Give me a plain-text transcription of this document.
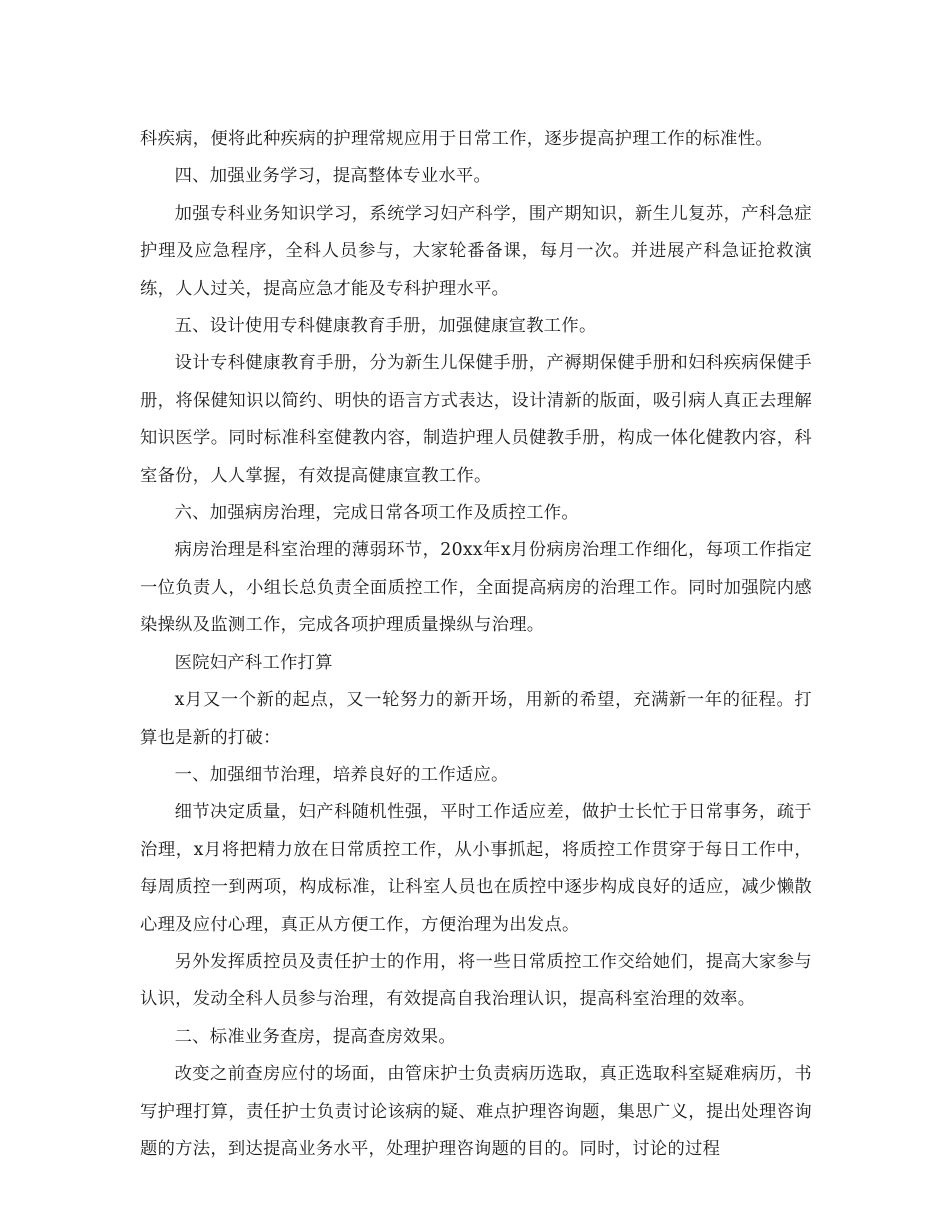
科疾病，便将此种疾病的护理常规应用于日常工作，逐步提高护理工作的标准性。

四、加强业务学习，提高整体专业水平。

加强专科业务知识学习，系统学习妇产科学，围产期知识，新生儿复苏，产科急症护理及应急程序，全科人员参与，大家轮番备课，每月一次。并进展产科急证抢救演练，人人过关，提高应急才能及专科护理水平。

五、设计使用专科健康教育手册，加强健康宣教工作。

设计专科健康教育手册，分为新生儿保健手册，产褥期保健手册和妇科疾病保健手册，将保健知识以简约、明快的语言方式表达，设计清新的版面，吸引病人真正去理解知识医学。同时标准科室健教内容，制造护理人员健教手册，构成一体化健教内容，科室备份，人人掌握，有效提高健康宣教工作。

六、加强病房治理，完成日常各项工作及质控工作。

病房治理是科室治理的薄弱环节，20xx年x月份病房治理工作细化，每项工作指定一位负责人，小组长总负责全面质控工作，全面提高病房的治理工作。同时加强院内感染操纵及监测工作，完成各项护理质量操纵与治理。

医院妇产科工作打算

x月又一个新的起点，又一轮努力的新开场，用新的希望，充满新一年的征程。打算也是新的打破：

一、加强细节治理，培养良好的工作适应。

细节决定质量，妇产科随机性强，平时工作适应差，做护士长忙于日常事务，疏于治理，x月将把精力放在日常质控工作，从小事抓起，将质控工作贯穿于每日工作中，每周质控一到两项，构成标准，让科室人员也在质控中逐步构成良好的适应，减少懒散心理及应付心理，真正从方便工作，方便治理为出发点。

另外发挥质控员及责任护士的作用，将一些日常质控工作交给她们，提高大家参与认识，发动全科人员参与治理，有效提高自我治理认识，提高科室治理的效率。

二、标准业务查房，提高查房效果。

改变之前查房应付的场面，由管床护士负责病历选取，真正选取科室疑难病历，书写护理打算，责任护士负责讨论该病的疑、难点护理咨询题，集思广义，提出处理咨询题的方法，到达提高业务水平，处理护理咨询题的目的。同时，讨论的过程
